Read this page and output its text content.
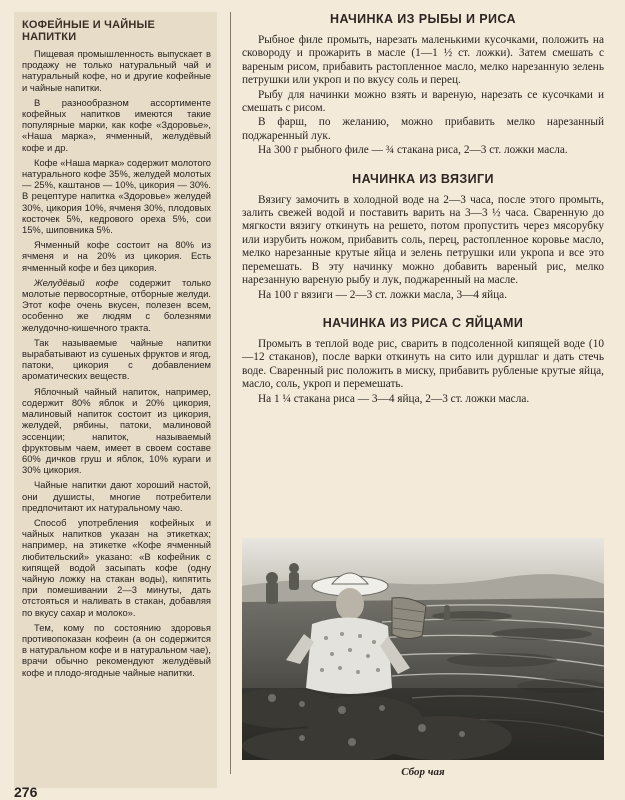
КОФЕЙНЫЕ И ЧАЙНЫЕ НАПИТКИ

Пищевая промышленность выпускает в продажу не только натуральный чай и натуральный кофе, но и другие кофейные и чайные напитки.

В разнообразном ассортименте кофейных напитков имеются такие популярные марки, как кофе «Здоровье», «Наша марка», ячменный, желудёвый кофе и др.

Кофе «Наша марка» содержит молотого натурального кофе 35%, желудей молотых — 25%, каштанов — 10%, цикория — 30%. В рецептуре напитка «Здоровье» желудей 30%, цикория 10%, ячменя 30%, плодовых косточек 5%, кедрового ореха 5%, сои 15%, шиповника 5%.

Ячменный кофе состоит на 80% из ячменя и на 20% из цикория. Есть ячменный кофе и без цикория.

Желудёвый кофе содержит только молотые первосортные, отборные желуди. Этот кофе очень вкусен, полезен всем, особенно же людям с болезнями желудочно-кишечного тракта.

Так называемые чайные напитки вырабатывают из сушеных фруктов и ягод, патоки, цикория с добавлением ароматических веществ.

Яблочный чайный напиток, например, содержит 80% яблок и 20% цикория, малиновый напиток состоит из цикория, желудей, рябины, патоки, малиновой эссенции; напиток, называемый фруктовым чаем, имеет в своем составе 60% дичков груш и яблок, 10% кураги и 30% цикория.

Чайные напитки дают хороший настой, они душисты, многие потребители предпочитают их натуральному чаю.

Способ употребления кофейных и чайных напитков указан на этикетках; например, на этикетке «Кофе ячменный любительский» указано: «В кофейник с кипящей водой засыпать кофе (одну чайную ложку на стакан воды), кипятить при помешивании 2—3 минуты, дать отстояться и наливать в стакан, добавляя по вкусу сахар и молоко».

Тем, кому по состоянию здоровья противопоказан кофеин (а он содержится в натуральном кофе и в натуральном чае), врачи обычно рекомендуют желудёвый кофе и плодо-ягодные чайные напитки.

НАЧИНКА ИЗ РЫБЫ И РИСА

Рыбное филе промыть, нарезать маленькими кусочками, положить на сковороду и прожарить в масле (1—1 ½ ст. ложки). Затем смешать с вареным рисом, прибавить растопленное масло, мелко нарезанную зелень петрушки или укроп и по вкусу соль и перец.

Рыбу для начинки можно взять и вареную, нарезать се кусочками и смешать с рисом.

В фарш, по желанию, можно прибавить мелко нарезанный поджаренный лук.

На 300 г рыбного филе — ¾ стакана риса, 2—3 ст. ложки масла.

НАЧИНКА ИЗ ВЯЗИГИ

Вязигу замочить в холодной воде на 2—3 часа, после этого промыть, залить свежей водой и поставить варить на 3—3 ½ часа. Сваренную до мягкости вязигу откинуть на решето, потом пропустить через мясорубку или изрубить ножом, прибавить соль, перец, растопленное коровье масло, мелко нарезанные крутые яйца и зелень петрушки или укропа и все это перемешать. В эту начинку можно добавить вареный рис, мелко нарезанную вареную рыбу и лук, поджаренный на масле.

На 100 г вязиги — 2—3 ст. ложки масла, 3—4 яйца.

НАЧИНКА ИЗ РИСА С ЯЙЦАМИ

Промыть в теплой воде рис, сварить в подсоленной кипящей воде (10—12 стаканов), после варки откинуть на сито или дуршлаг и дать стечь воде. Сваренный рис положить в миску, прибавить рубленые крутые яйца, масло, соль, укроп и перемешать.

На 1 ¼ стакана риса — 3—4 яйца, 2—3 ст. ложки масла.

Сбор чая
276
